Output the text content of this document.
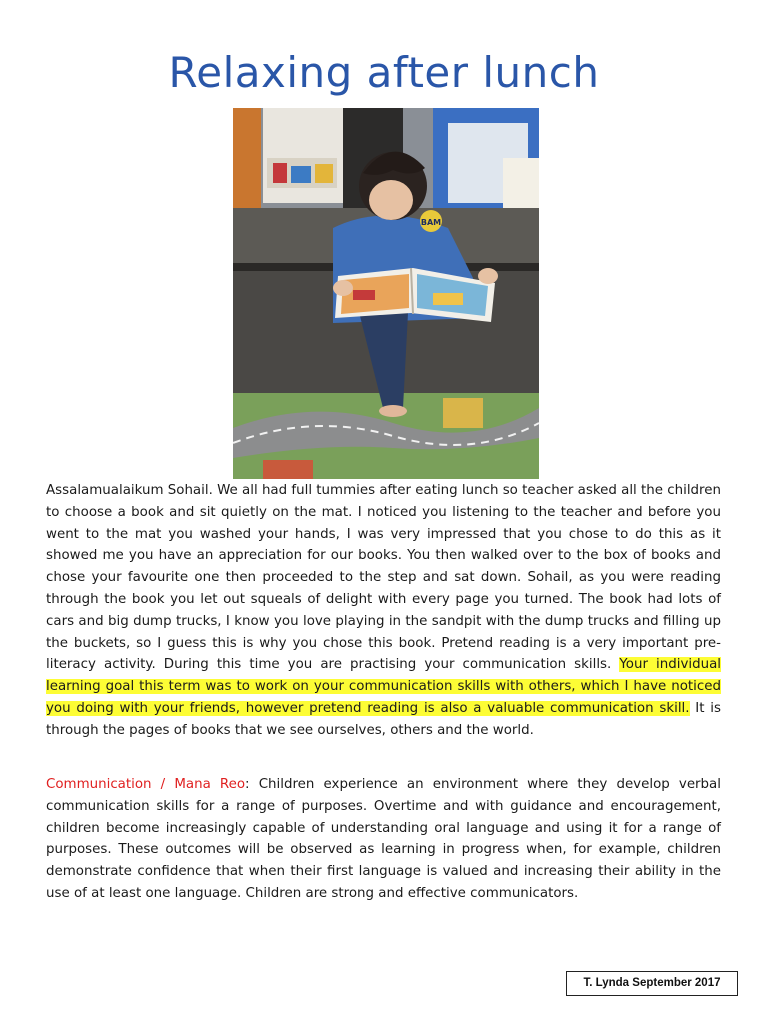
Relaxing after lunch
BAM

Assalamualaikum Sohail. We all had full tummies after eating lunch so teacher asked all the children to choose a book and sit quietly on the mat. I noticed you listening to the teacher and before you went to the mat you washed your hands, I was very impressed that you chose to do this as it showed me you have an appreciation for our books. You then walked over to the box of books and chose your favourite one then proceeded to the step and sat down. Sohail, as you were reading through the book you let out squeals of delight with every page you turned. The book had lots of cars and big dump trucks, I know you love playing in the sandpit with the dump trucks and filling up the buckets, so I guess this is why you chose this book. Pretend reading is a very important pre-literacy activity. During this time you are practising your communication skills. Your individual learning goal this term was to work on your communication skills with others, which I have noticed you doing with your friends, however pretend reading is also a valuable communication skill. It is through the pages of books that we see ourselves, others and the world.

Communication / Mana Reo: Children experience an environment where they develop verbal communication skills for a range of purposes. Overtime and with guidance and encouragement, children become increasingly capable of understanding oral language and using it for a range of purposes. These outcomes will be observed as learning in progress when, for example, children demonstrate confidence that when their first language is valued and increasing their ability in the use of at least one language. Children are strong and effective communicators.

T. Lynda September 2017
